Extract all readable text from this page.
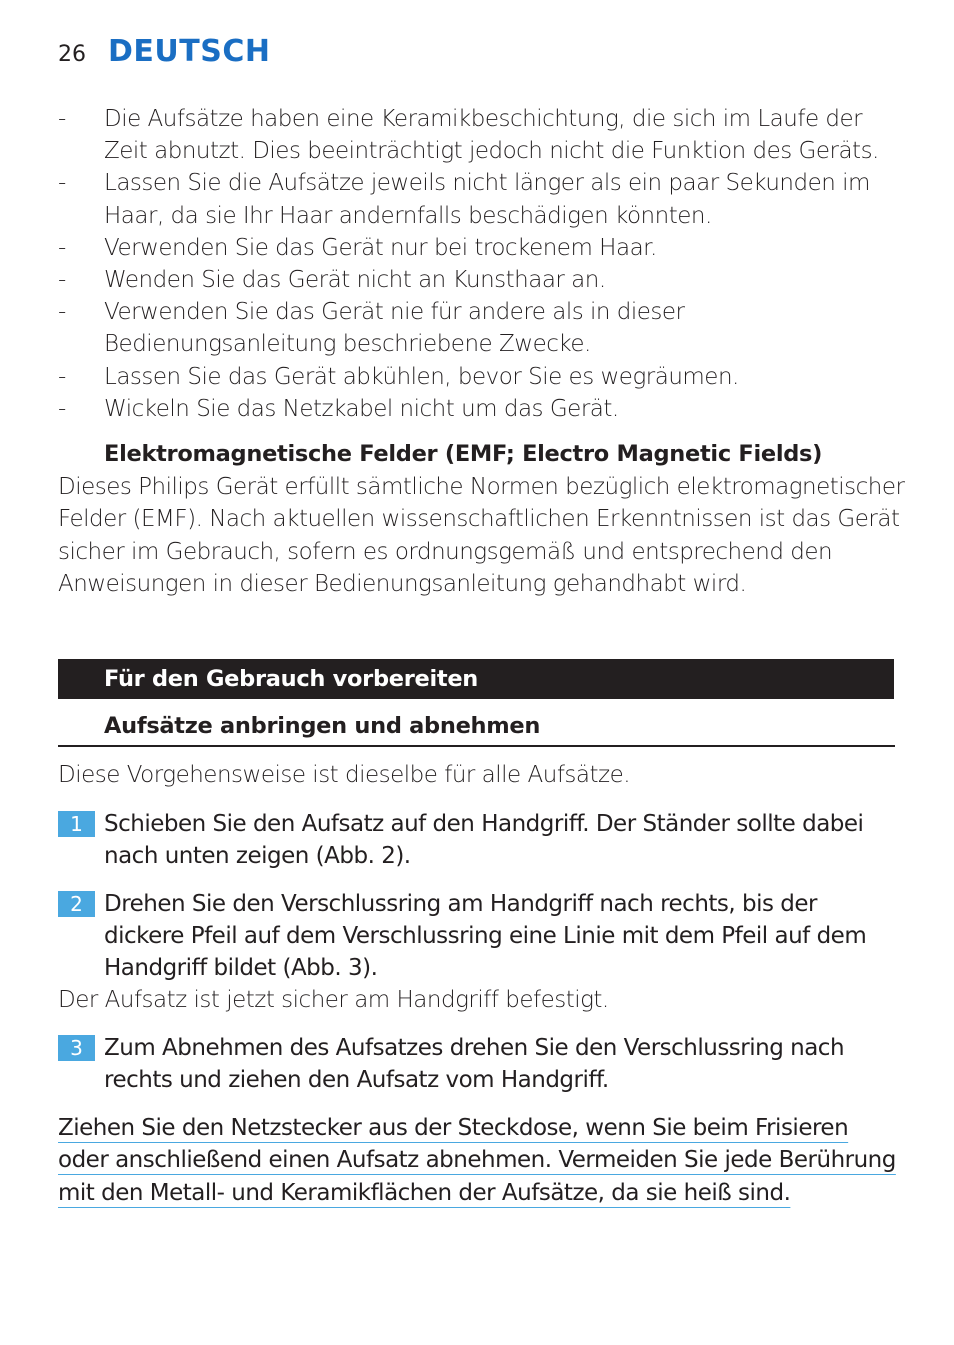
26 DEUTSCH
- Die Aufsätze haben eine Keramikbeschichtung, die sich im Laufe der Zeit abnutzt. Dies beeinträchtigt jedoch nicht die Funktion des Geräts.
- Lassen Sie die Aufsätze jeweils nicht länger als ein paar Sekunden im Haar, da sie Ihr Haar andernfalls beschädigen könnten.
- Verwenden Sie das Gerät nur bei trockenem Haar.
- Wenden Sie das Gerät nicht an Kunsthaar an.
- Verwenden Sie das Gerät nie für andere als in dieser Bedienungsanleitung beschriebene Zwecke.
- Lassen Sie das Gerät abkühlen, bevor Sie es wegräumen.
- Wickeln Sie das Netzkabel nicht um das Gerät.
Elektromagnetische Felder (EMF; Electro Magnetic Fields)

Dieses Philips Gerät erfüllt sämtliche Normen bezüglich elektromagnetischer Felder (EMF). Nach aktuellen wissenschaftlichen Erkenntnissen ist das Gerät sicher im Gebrauch, sofern es ordnungsgemäß und entsprechend den Anweisungen in dieser Bedienungsanleitung gehandhabt wird.

Für den Gebrauch vorbereiten
Aufsätze anbringen und abnehmen
Diese Vorgehensweise ist dieselbe für alle Aufsätze.
1 Schieben Sie den Aufsatz auf den Handgriff. Der Ständer sollte dabei nach unten zeigen (Abb. 2).
2 Drehen Sie den Verschlussring am Handgriff nach rechts, bis der dickere Pfeil auf dem Verschlussring eine Linie mit dem Pfeil auf dem Handgriff bildet (Abb. 3).
Der Aufsatz ist jetzt sicher am Handgriff befestigt.
3 Zum Abnehmen des Aufsatzes drehen Sie den Verschlussring nach rechts und ziehen den Aufsatz vom Handgriff.

Ziehen Sie den Netzstecker aus der Steckdose, wenn Sie beim Frisieren oder anschließend einen Aufsatz abnehmen. Vermeiden Sie jede Berührung mit den Metall- und Keramikflächen der Aufsätze, da sie heiß sind.
